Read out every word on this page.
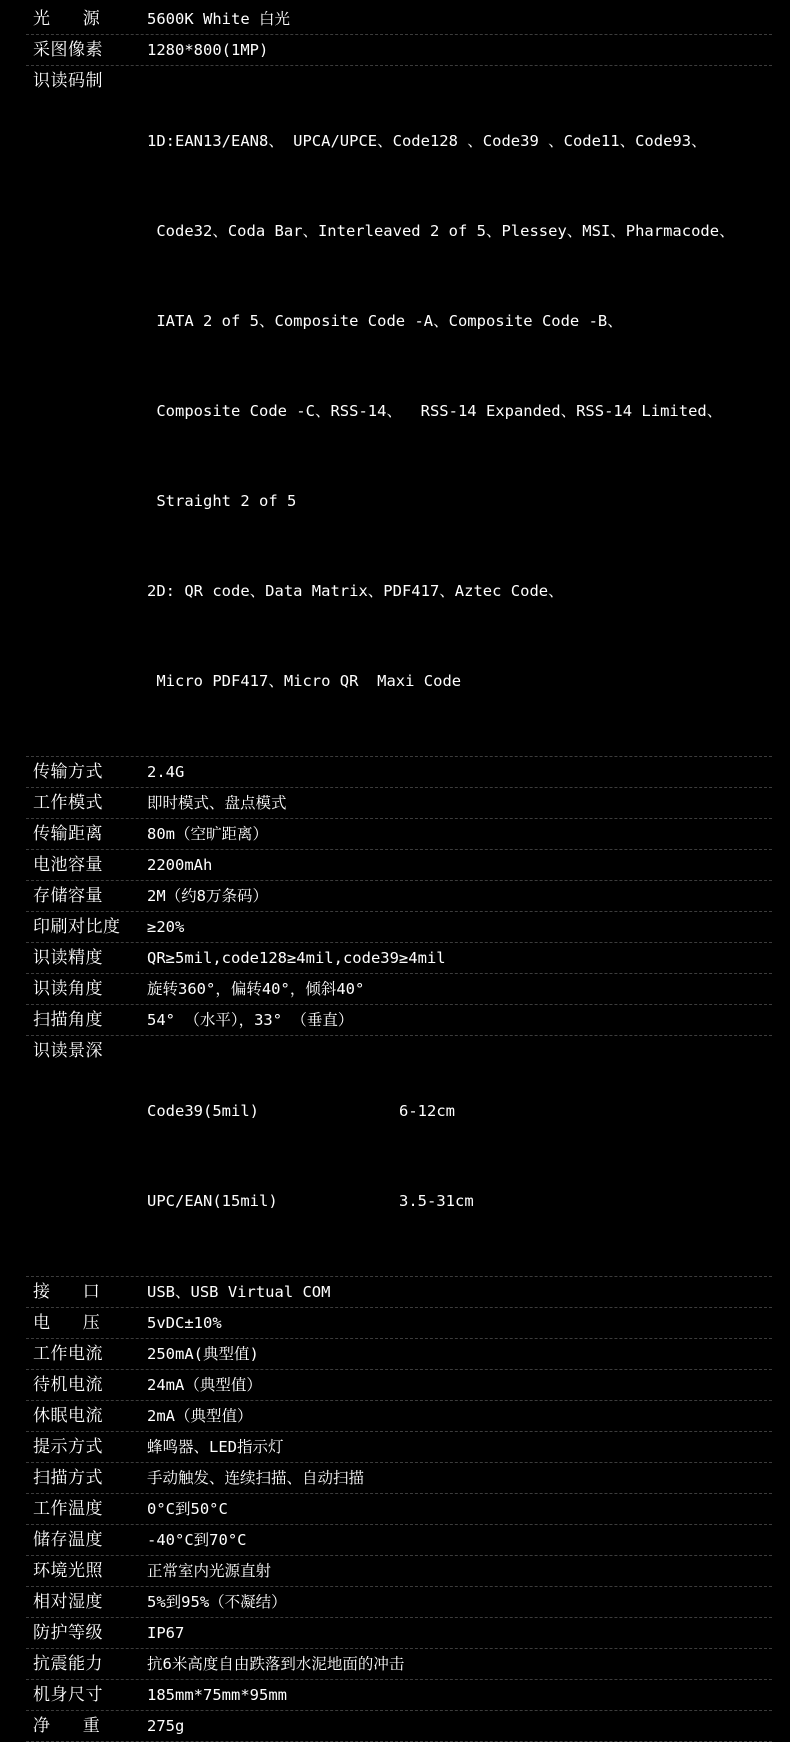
光   源	5600K White 白光
采图像素	1280*800(1MP)
识读码制

1D:EAN13/EAN8、 UPCA/UPCE、Code128 、Code39 、Code11、Code93、

Code32、Coda Bar、Interleaved 2 of 5、Plessey、MSI、Pharmacode、

IATA 2 of 5、Composite Code -A、Composite Code -B、

Composite Code -C、RSS-14、  RSS-14 Expanded、RSS-14 Limited、

Straight 2 of 5

2D: QR code、Data Matrix、PDF417、Aztec Code、

Micro PDF417、Micro QR  Maxi Code

传输方式	2.4G
工作模式	即时模式、盘点模式
传输距离	80m（空旷距离）
电池容量	2200mAh
存储容量	2M（约8万条码）
印刷对比度	≥20%
识读精度	QR≥5mil,code128≥4mil,code39≥4mil
识读角度	旋转360°，偏转40°，倾斜40°
扫描角度	54° （水平），33° （垂直）
识读景深

Code39(5mil)	6-12cm

UPC/EAN(15mil)	3.5-31cm

接   口	USB、USB Virtual COM
电   压	5vDC±10%
工作电流	250mA(典型值)
待机电流	24mA（典型值）
休眠电流	2mA（典型值）
提示方式	蜂鸣器、LED指示灯
扫描方式	手动触发、连续扫描、自动扫描
工作温度	0°C到50°C
储存温度	-40°C到70°C
环境光照	正常室内光源直射
相对湿度	5%到95%（不凝结）
防护等级	IP67
抗震能力	抗6米高度自由跌落到水泥地面的冲击
机身尺寸	185mm*75mm*95mm
净   重	275g
